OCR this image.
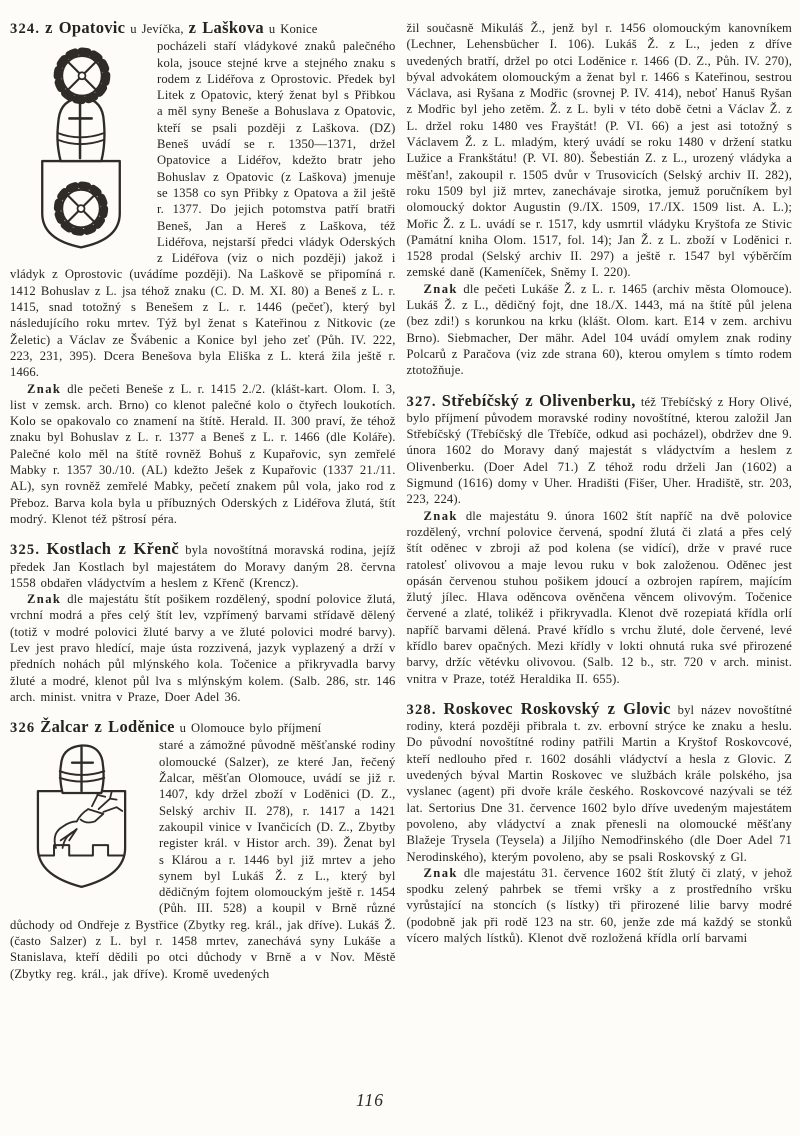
324. z Opatovic u Jevíčka, z Laškova u Konice

pocházeli staří vládykové znaků palečného kola, jsouce stejné krve a stejného znaku s rodem z Lidéřova z Oprostovic. Předek byl Litek z Opatovic, který ženat byl s Přibkou a měl syny Beneše a Bohuslava z Opatovic, kteří se psali později z Laškova. (DZ) Beneš uvádí se r. 1350—1371, držel Opatovice a Lidéřov, kdežto bratr jeho Bohuslav z Opatovic (z Laškova) jmenuje se 1358 co syn Přibky z Opatova a žil ještě r. 1377. Do jejich potomstva patří bratři Beneš, Jan a Hereš z Laškova, též Lidéřova, nejstarší předci vládyk Oderských z Lidéřova (viz o nich později) jakož i vládyk z Oprostovic (uvádíme později). Na Laškově se připomíná r. 1412 Bohuslav z L. jsa téhož znaku (C. D. M. XI. 80) a Beneš z L. r. 1415, snad totožný s Benešem z L. r. 1446 (pečeť), který byl následujícího roku mrtev. Týž byl ženat s Kateřinou z Nitkovic (ze Želetic) a Václav ze Švábenic a Konice byl jeho zeť (Půh. IV. 222, 223, 231, 395). Dcera Benešova byla Eliška z L. která žila ještě r. 1466.

Znak dle pečeti Beneše z L. r. 1415 2./2. (klášt-kart. Olom. I. 3, list v zemsk. arch. Brno) co klenot palečné kolo o čtyřech loukotích. Kolo se opakovalo co znamení na štítě. Herald. II. 300 praví, že téhož znaku byl Bohuslav z L. r. 1377 a Beneš z L. r. 1466 (dle Koláře). Palečné kolo měl na štítě rovněž Bohuš z Kupařovic, syn zemřelé Mabky r. 1357 30./10. (AL) kdežto Ješek z Kupařovic (1337 21./11. AL), syn rovněž zemřelé Mabky, pečetí znakem půl vola, jako rod z Přeboz. Barva kola byla u příbuzných Oderských z Lidéřova žlutá, štít modrý. Klenot též pštrosí péra.

325. Kostlach z Křenč byla novoštítná moravská rodina, jejíž předek Jan Kostlach byl majestátem do Moravy daným 28. června 1558 obdařen vládyctvím a heslem z Křenč (Krencz).

Znak dle majestátu štít pošikem rozdělený, spodní polovice žlutá, vrchní modrá a přes celý štít lev, vzpřímený barvami střídavě dělený (totiž v modré polovici žluté barvy a ve žluté polovici modré barvy). Lev jest pravo hledící, maje ústa rozzivená, jazyk vyplazený a drží v předních nohách půl mlýnského kola. Točenice a přikryvadla barvy žluté a modré, klenot půl lva s mlýnským kolem. (Salb. 286, str. 146 arch. minist. vnitra v Praze, Doer Adel 36.

326 Žalcar z Loděnice u Olomouce bylo příjmení

staré a zámožné původně měšťanské rodiny olomoucké (Salzer), ze které Jan, řečený Žalcar, měšťan Olomouce, uvádí se již r. 1407, kdy držel zboží v Loděnici (D. Z., Selský archiv II. 278), r. 1417 a 1421 zakoupil vinice v Ivančicích (D. Z., Zbytby register král. v Histor arch. 39). Ženat byl s Klárou a r. 1446 byl již mrtev a jeho synem byl Lukáš Ž. z L., který byl dědičným fojtem olomouckým ještě r. 1454 (Půh. III. 528) a koupil v Brně různé důchody od Ondřeje z Bystřice (Zbytky reg. král., jak dříve). Lukáš Ž. (často Salzer) z L. byl r. 1458 mrtev, zanechává syny Lukáše a Stanislava, kteří dědili po otci důchody v Brně a v Nov. Městě (Zbytky reg. král., jak dříve). Kromě uvedených

žil současně Mikuláš Ž., jenž byl r. 1456 olomouckým kanovníkem (Lechner, Lehensbücher I. 106). Lukáš Ž. z L., jeden z dříve uvedených bratří, držel po otci Loděnice r. 1466 (D. Z., Půh. IV. 270), býval advokátem olomouckým a ženat byl r. 1466 s Kateřinou, sestrou Václava, asi Ryšana z Modřic (srovnej P. IV. 414), neboť Hanuš Ryšan z Modřic byl jeho zetěm. Ž. z L. byli v této době četni a Václav Ž. z L. držel roku 1480 ves Frayštát! (P. VI. 66) a jest asi totožný s Václavem Ž. z L. mladým, který uvádí se roku 1480 v držení statku Lužice a Frankštátu! (P. VI. 80). Šebestián Z. z L., urozený vládyka a měšťan!, zakoupil r. 1505 dvůr v Trusovicích (Selský archiv II. 282), roku 1509 byl již mrtev, zanechávaje sirotka, jemuž poručníkem byl olomoucký doktor Augustin (9./IX. 1509, 17./IX. 1509 list. A. L.); Mořic Ž. z L. uvádí se r. 1517, kdy usmrtil vládyku Kryštofa ze Stivic (Památní kniha Olom. 1517, fol. 14); Jan Ž. z L. zboží v Loděnici r. 1528 prodal (Selský archiv II. 297) a ještě r. 1547 byl výběrčím zemské daně (Kameníček, Sněmy I. 220).

Znak dle pečeti Lukáše Ž. z L. r. 1465 (archiv města Olomouce). Lukáš Ž. z L., dědičný fojt, dne 18./X. 1443, má na štítě půl jelena (bez zdi!) s korunkou na krku (klášt. Olom. kart. E14 v zem. archivu Brno). Siebmacher, Der mähr. Adel 104 uvádí omylem znak rodiny Polcarů z Paračova (viz zde strana 60), kterou omylem s tímto rodem ztotožňuje.

327. Střebíčský z Olivenberku, též Třebíčský z Hory Olivé, bylo příjmení původem moravské rodiny novoštítné, kterou založil Jan Střebíčský (Třebíčský dle Třebíče, odkud asi pocházel), obdržev dne 9. února 1602 do Moravy daný majestát s vládyctvím a heslem z Olivenberku. (Doer Adel 71.) Z téhož rodu drželi Jan (1602) a Sigmund (1616) domy v Uher. Hradišti (Fišer, Uher. Hradiště, str. 203, 223, 224).

Znak dle majestátu 9. února 1602 štít napříč na dvě polovice rozdělený, vrchní polovice červená, spodní žlutá či zlatá a přes celý štít oděnec v zbroji až pod kolena (se vidící), drže v pravé ruce ratolesť olivovou a maje levou ruku v bok založenou. Oděnec jest opásán červenou stuhou pošikem jdoucí a ozbrojen rapírem, majícím žlutý jílec. Hlava oděncova ověnčena věncem olivovým. Točenice červené a zlaté, tolikéž i přikryvadla. Klenot dvě rozepiatá křídla orlí napříč barvami dělená. Pravé křídlo s vrchu žluté, dole červené, levé křídlo barev opačných. Mezi křídly v lokti ohnutá ruka své přirozené barvy, držíc větévku olivovou. (Salb. 12 b., str. 720 v arch. minist. vnitra v Praze, totéž Heraldika II. 655).

328. Roskovec Roskovský z Glovic byl název novoštítné rodiny, která později přibrala t. zv. erbovní strýce ke znaku a heslu. Do původní novoštítné rodiny patřili Martin a Kryštof Roskovcové, kteří nedlouho před r. 1602 dosáhli vládyctví a hesla z Glovic. Z uvedených býval Martin Roskovec ve službách krále polského, jsa vyslanec (agent) při dvoře krále českého. Roskovcové nazývali se též lat. Sertorius Dne 31. července 1602 bylo dříve uvedeným majestátem povoleno, aby vládyctví a znak přenesli na olomoucké měšťany Blažeje Trysela (Teysela) a Jiljího Nemodřinského (dle Doer Adel 71 Nerodinského), kterým povoleno, aby se psali Roskovský z Gl.

Znak dle majestátu 31. července 1602 štít žlutý či zlatý, v jehož spodku zelený pahrbek se třemi vršky a z prostředního vršku vyrůstající na stoncích (s lístky) tři přirozené lilie barvy modré (podobně jak při rodě 123 na str. 60, jenže zde má každý se stonků vícero malých lístků). Klenot dvě rozložená křídla orlí barvami

116
